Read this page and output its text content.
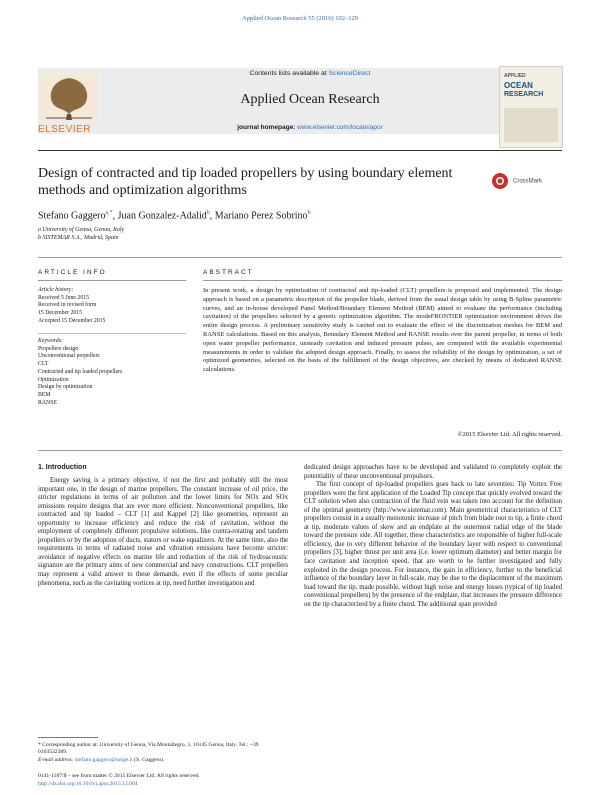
Applied Ocean Research 55 (2016) 102–129
ELSEVIER
Contents lists available at ScienceDirect
Applied Ocean Research
journal homepage: www.elsevier.com/locate/apor
APPLIED
OCEAN
RESEARCH
Design of contracted and tip loaded propellers by using boundary element methods and optimization algorithms
CrossMark
Stefano Gaggero$^{a,*}$, Juan Gonzalez-Adalid$^b$, Mariano Perez Sobrino$^b$
a University of Genoa, Genoa, Italy
b SISTEMAR S.A., Madrid, Spain
ARTICLE INFO
Article history:
Received 5 June 2015
Received in revised form
15 December 2015
Accepted 15 December 2015
Keywords:
Propellers design
Unconventional propellers
CLT
Contracted and tip loaded propellers
Optimization
Design by optimization
BEM
RANSE
ABSTRACT
In present work, a design by optimization of contracted and tip-loaded (CLT) propellers is proposed and implemented. The design approach is based on a parametric description of the propeller blade, derived from the usual design table by using B-Spline parametric curves, and an in-house developed Panel Method/Boundary Element Method (BEM) aimed to evaluate the performance (including cavitation) of the propellers selected by a genetic optimization algorithm. The modeFRONTIER optimization environment drives the entire design process. A preliminary sensitivity study is carried out to evaluate the effect of the discretization meshes for BEM and RANSE calculations. Based on this analysis, Boundary Element Method and RANSE results over the parent propeller, in terms of both open water propeller performance, unsteady cavitation and induced pressure pulses, are compared with the available experimental measurements in order to validate the adopted design approach. Finally, to assess the reliability of the design by optimization, a set of optimized geometries, selected on the basis of the fulfillment of the design objectives, are checked by means of dedicated RANSE calculations.
©2015 Elsevier Ltd. All rights reserved.
1. Introduction

Energy saving is a primary objective, if not the first and probably still the most important one, in the design of marine propellers. The constant increase of oil price, the stricter regulations in terms of air pollution and the lower limits for NOx and SOx emissions require designs that are ever more efficient. Nonconventional propellers, like contracted and tip loaded – CLT [1] and Kappel [2] like geometries, represent an opportunity to increase efficiency and reduce the risk of cavitation, without the employment of completely different propulsive solutions, like contra-rotating and tandem propellers or by the adoption of ducts, stators or wake equalizers. At the same time, also the requirements in terms of radiated noise and vibration emissions have become stricter: avoidance of negative effects on marine life and reduction of the risk of hydroacoustic signature are the primary aims of new commercial and navy constructions. CLT propellers may represent a valid answer to these demands, even if the effects of some peculiar phenomena, such as the cavitating vortices at tip, need further investigation and

dedicated design approaches have to be developed and validated to completely exploit the potentiality of these unconventional propulsors.

The first concept of tip-loaded propellers goes back to late seventies: Tip Vortex Free propellers were the first application of the Loaded Tip concept that quickly evolved toward the CLT solution when also contraction of the fluid vein was taken into account for the definition of the optimal geometry (http://www.sistemar.com). Main geometrical characteristics of CLT propellers consist in a usually monotonic increase of pitch from blade root to tip, a finite chord at tip, moderate values of skew and an endplate at the outermost radial edge of the blade toward the pressure side. All together, these characteristics are responsible of higher full-scale efficiency, due to very different behavior of the boundary layer with respect to conventional propellers [3], higher thrust per unit area (i.e. lower optimum diameter) and better margin for face cavitation and inception speed, that are worth to be further investigated and fully exploited in the design process. For instance, the gain in efficiency, further to the beneficial influence of the boundary layer in full-scale, may be due to the displacement of the maximum load toward the tip, made possible, without high noise and energy losses (typical of tip loaded conventional propellers) by the presence of the endplate, that increases the pressure difference on the tip characterized by a finite chord. The additional span provided

* Corresponding author at: University of Genoa, Via Montallegro, 1, 16145 Genoa, Italy. Tel.: +39 0103532389.
E-mail address: stefano.gaggero@unige.it (S. Gaggero).
0141-1187/$ – see front matter © 2015 Elsevier Ltd. All rights reserved.
http://dx.doi.org/10.1016/j.apor.2015.12.004
